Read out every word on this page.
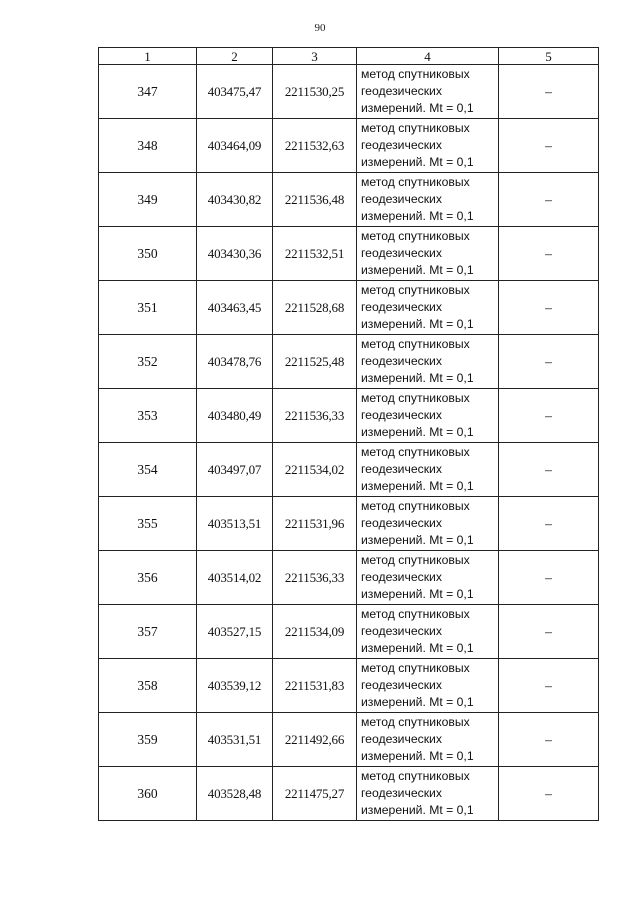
90
1	2	3	4	5
347	403475,47	2211530,25	метод спутниковых
геодезических
измерений. Mt = 0,1	–
348	403464,09	2211532,63	метод спутниковых
геодезических
измерений. Mt = 0,1	–
349	403430,82	2211536,48	метод спутниковых
геодезических
измерений. Mt = 0,1	–
350	403430,36	2211532,51	метод спутниковых
геодезических
измерений. Mt = 0,1	–
351	403463,45	2211528,68	метод спутниковых
геодезических
измерений. Mt = 0,1	–
352	403478,76	2211525,48	метод спутниковых
геодезических
измерений. Mt = 0,1	–
353	403480,49	2211536,33	метод спутниковых
геодезических
измерений. Mt = 0,1	–
354	403497,07	2211534,02	метод спутниковых
геодезических
измерений. Mt = 0,1	–
355	403513,51	2211531,96	метод спутниковых
геодезических
измерений. Mt = 0,1	–
356	403514,02	2211536,33	метод спутниковых
геодезических
измерений. Mt = 0,1	–
357	403527,15	2211534,09	метод спутниковых
геодезических
измерений. Mt = 0,1	–
358	403539,12	2211531,83	метод спутниковых
геодезических
измерений. Mt = 0,1	–
359	403531,51	2211492,66	метод спутниковых
геодезических
измерений. Mt = 0,1	–
360	403528,48	2211475,27	метод спутниковых
геодезических
измерений. Mt = 0,1	–
